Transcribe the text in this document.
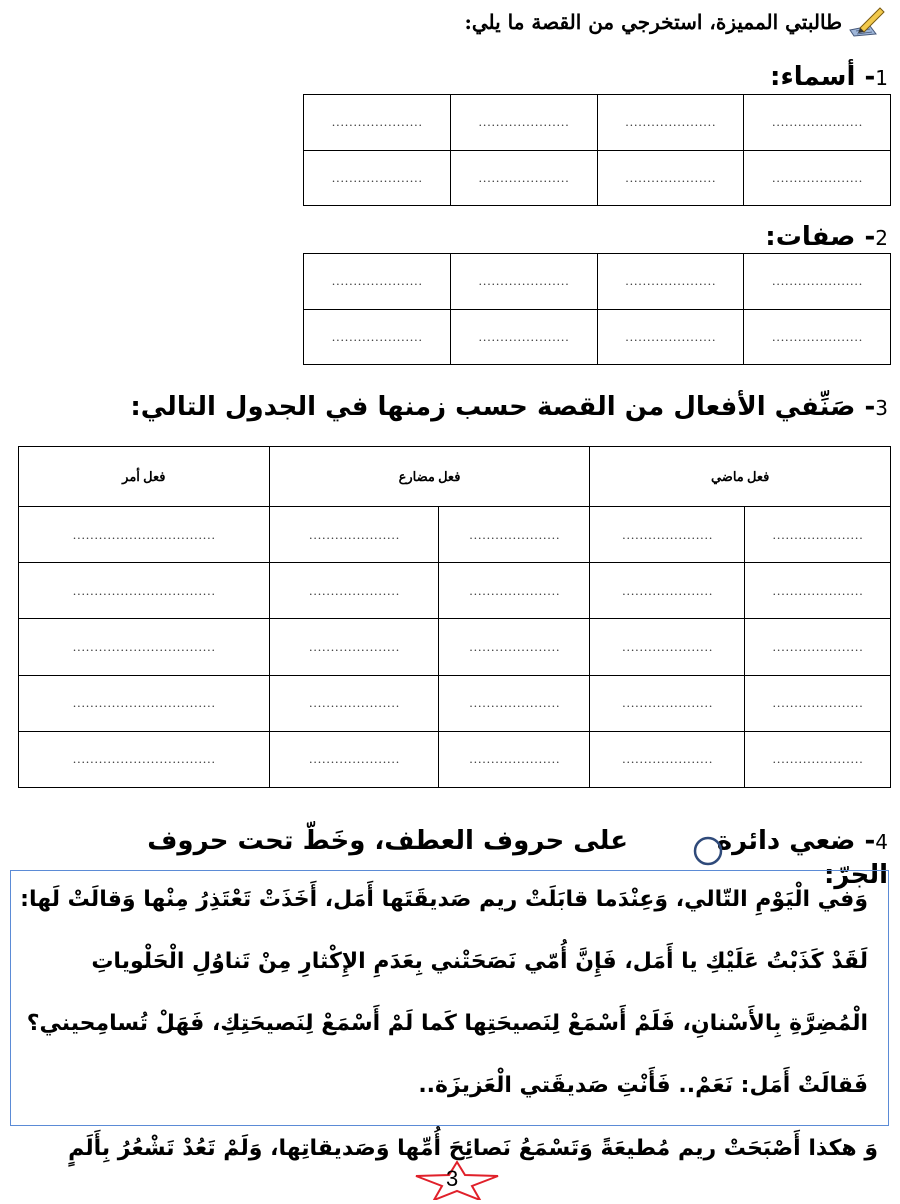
طالبتي المميزة، استخرجي من القصة ما يلي:
1- أسماء:
…………………	…………………	…………………	…………………
…………………	…………………	…………………	…………………
2- صفات:
…………………	…………………	…………………	…………………
…………………	…………………	…………………	…………………
3- صَنِّفي الأفعال من القصة حسب زمنها في الجدول التالي:
فعل أمر	فعل مضارع		فعل ماضي	
……………………………	…………………	…………………	…………………	…………………
……………………………	…………………	…………………	…………………	…………………
……………………………	…………………	…………………	…………………	…………………
……………………………	…………………	…………………	…………………	…………………
……………………………	…………………	…………………	…………………	…………………
4- ضعي دائرة
على حروف العطف، وخَطّ تحت حروف
الجرّ:
وَفي الْيَوْمِ التّالي، وَعِنْدَما قابَلَتْ ريم صَديقَتَها أَمَل، أَخَذَتْ تَعْتَذِرُ مِنْها وَقالَتْ لَها:
لَقَدْ كَذَبْتُ عَلَيْكِ يا أَمَل، فَإِنَّ أُمّي نَصَحَتْني بِعَدَمِ الإِكْثارِ مِنْ تَناوُلِ الْحَلْوياتِ
الْمُضِرَّةِ بِالأَسْنانِ، فَلَمْ أَسْمَعْ لِنَصيحَتِها كَما لَمْ أَسْمَعْ لِنَصيحَتِكِ، فَهَلْ تُسامِحيني؟
فَقالَتْ أَمَل: نَعَمْ.. فَأَنْتِ صَديقَتي الْعَزيزَة..
وَ هكذا أَصْبَحَتْ ريم مُطيعَةً وَتَسْمَعُ نَصائِحَ أُمِّها وَصَديقاتِها، وَلَمْ تَعُدْ تَشْعُرُ بِأَلَمٍ
3
